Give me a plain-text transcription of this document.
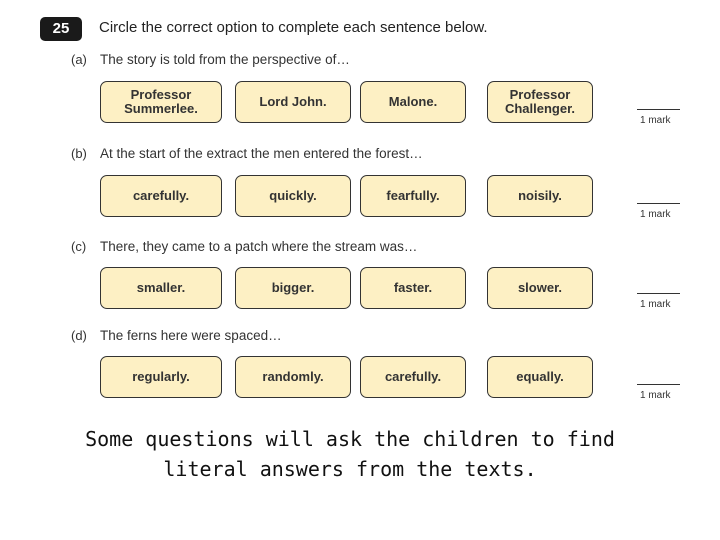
25	Circle the correct option to complete each sentence below.
(a) The story is told from the perspective of…
Professor
Summerlee.	Lord John.	Malone.	Professor
Challenger.
1 mark
(b) At the start of the extract the men entered the forest…
carefully.	quickly.	fearfully.	noisily.
1 mark
(c) There, they came to a patch where the stream was…
smaller.	bigger.	faster.	slower.
1 mark
(d) The ferns here were spaced…
regularly.	randomly.	carefully.	equally.
1 mark
Some questions will ask the children to find literal answers from the texts.
